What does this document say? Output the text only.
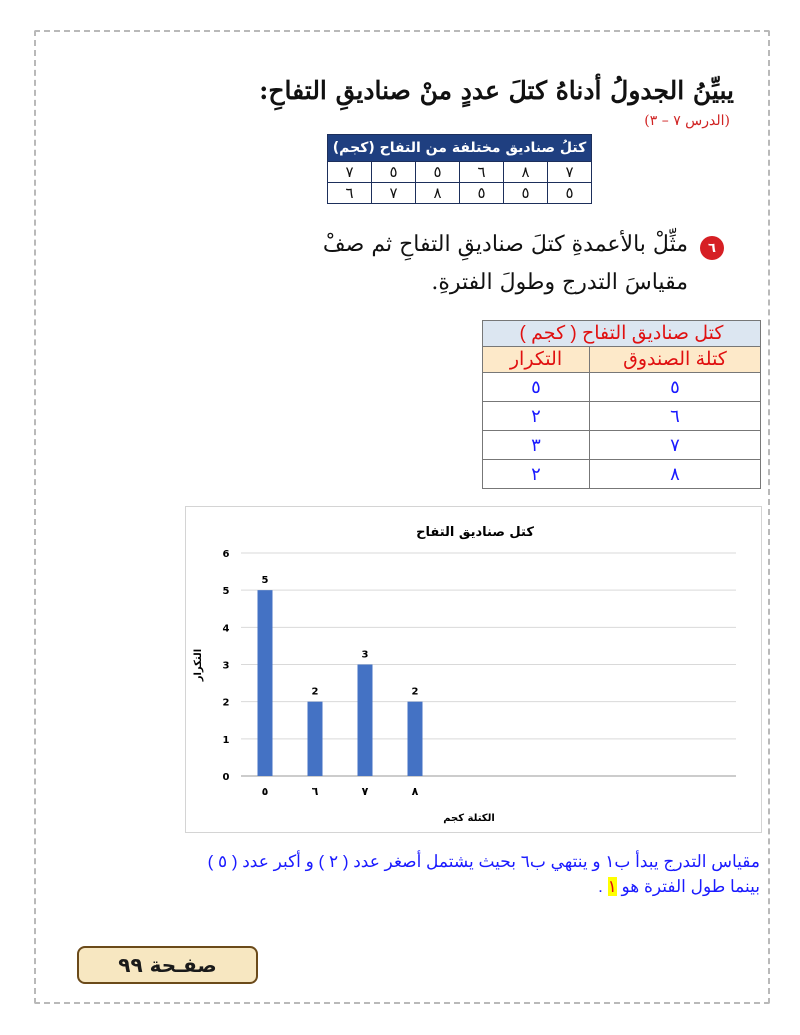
يبيِّنُ الجدولُ أدناهُ كتلَ عددٍ منْ صناديقِ التفاحِ:
(الدرس ٧ – ٣)
كتلُ صناديق مختلفة من التفاح (كجم)					
٧	٨	٦	٥	٥	٧
٥	٥	٥	٨	٧	٦
٦
مثِّلْ بالأعمدةِ كتلَ صناديقِ التفاحِ ثم صفْ
مقياسَ التدرج وطولَ الفترةِ.
كتل صناديق التفاح ( كجم )	
كتلة الصندوق	التكرار
٥	٥
٦	٢
٧	٣
٨	٢
كتل صناديق التفاح
التكرار
الكتلة كجم
0
1
2
3
4
5
6
5
٥
2
٦
3
٧
2
٨
مقياس التدرج يبدأ ب١ و ينتهي ب٦ بحيث يشتمل أصغر عدد ( ٢ ) و أكبر عدد ( ٥ )
بينما طول الفترة هو ١ .
صفـحة ٩٩
